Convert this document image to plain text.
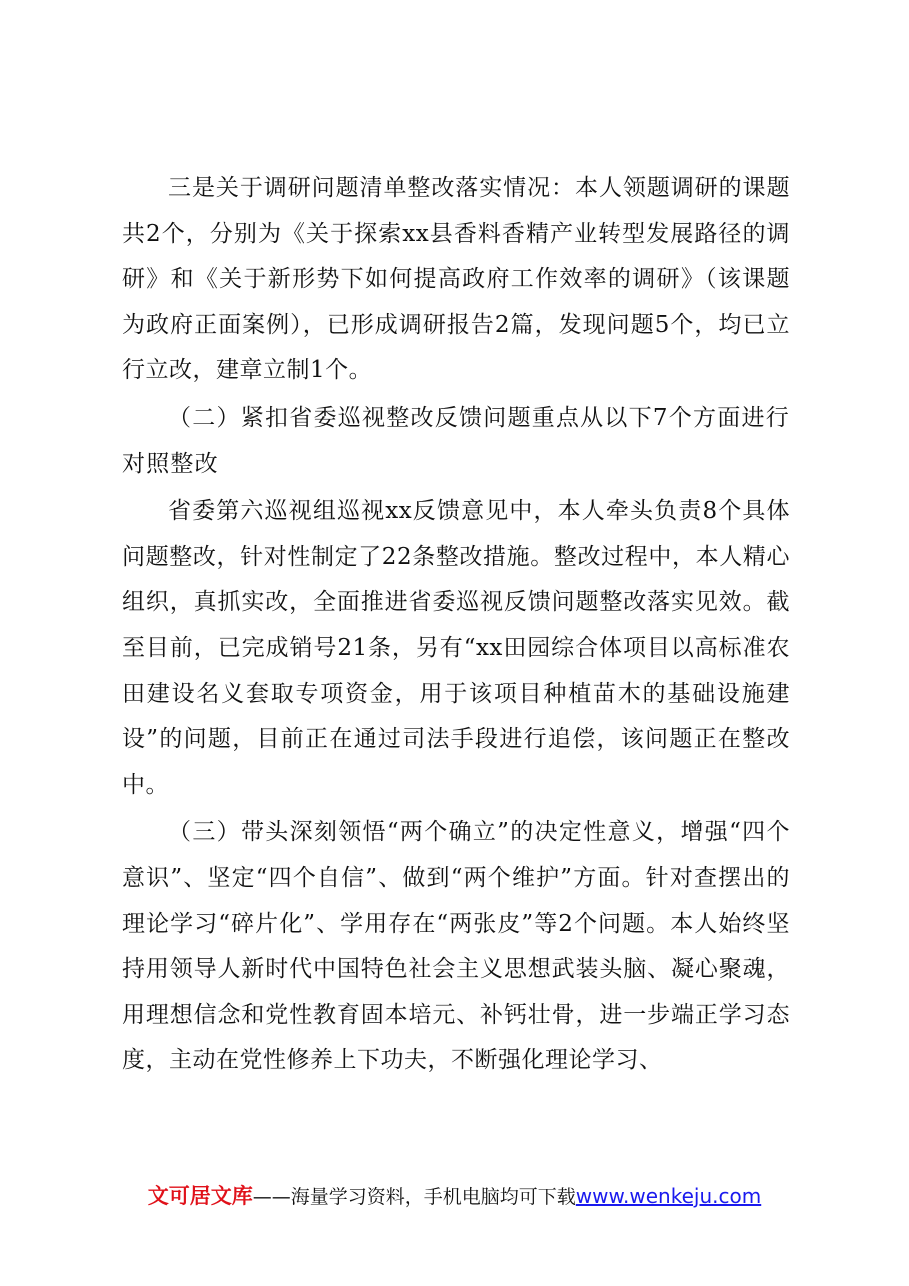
三是关于调研问题清单整改落实情况：本人领题调研的课题共2个，分别为《关于探索xx县香料香精产业转型发展路径的调研》和《关于新形势下如何提高政府工作效率的调研》（该课题为政府正面案例），已形成调研报告2篇，发现问题5个，均已立行立改，建章立制1个。

（二）紧扣省委巡视整改反馈问题重点从以下7个方面进行对照整改

省委第六巡视组巡视xx反馈意见中，本人牵头负责8个具体问题整改，针对性制定了22条整改措施。整改过程中，本人精心组织，真抓实改，全面推进省委巡视反馈问题整改落实见效。截至目前，已完成销号21条，另有“xx田园综合体项目以高标准农田建设名义套取专项资金，用于该项目种植苗木的基础设施建设”的问题，目前正在通过司法手段进行追偿，该问题正在整改中。

（三）带头深刻领悟“两个确立”的决定性意义，增强“四个意识”、坚定“四个自信”、做到“两个维护”方面。针对查摆出的理论学习“碎片化”、学用存在“两张皮”等2个问题。本人始终坚持用领导人新时代中国特色社会主义思想武装头脑、凝心聚魂，用理想信念和党性教育固本培元、补钙壮骨，进一步端正学习态度，主动在党性修养上下功夫，不断强化理论学习、

文可居文库——海量学习资料，手机电脑均可下载www.wenkeju.com
